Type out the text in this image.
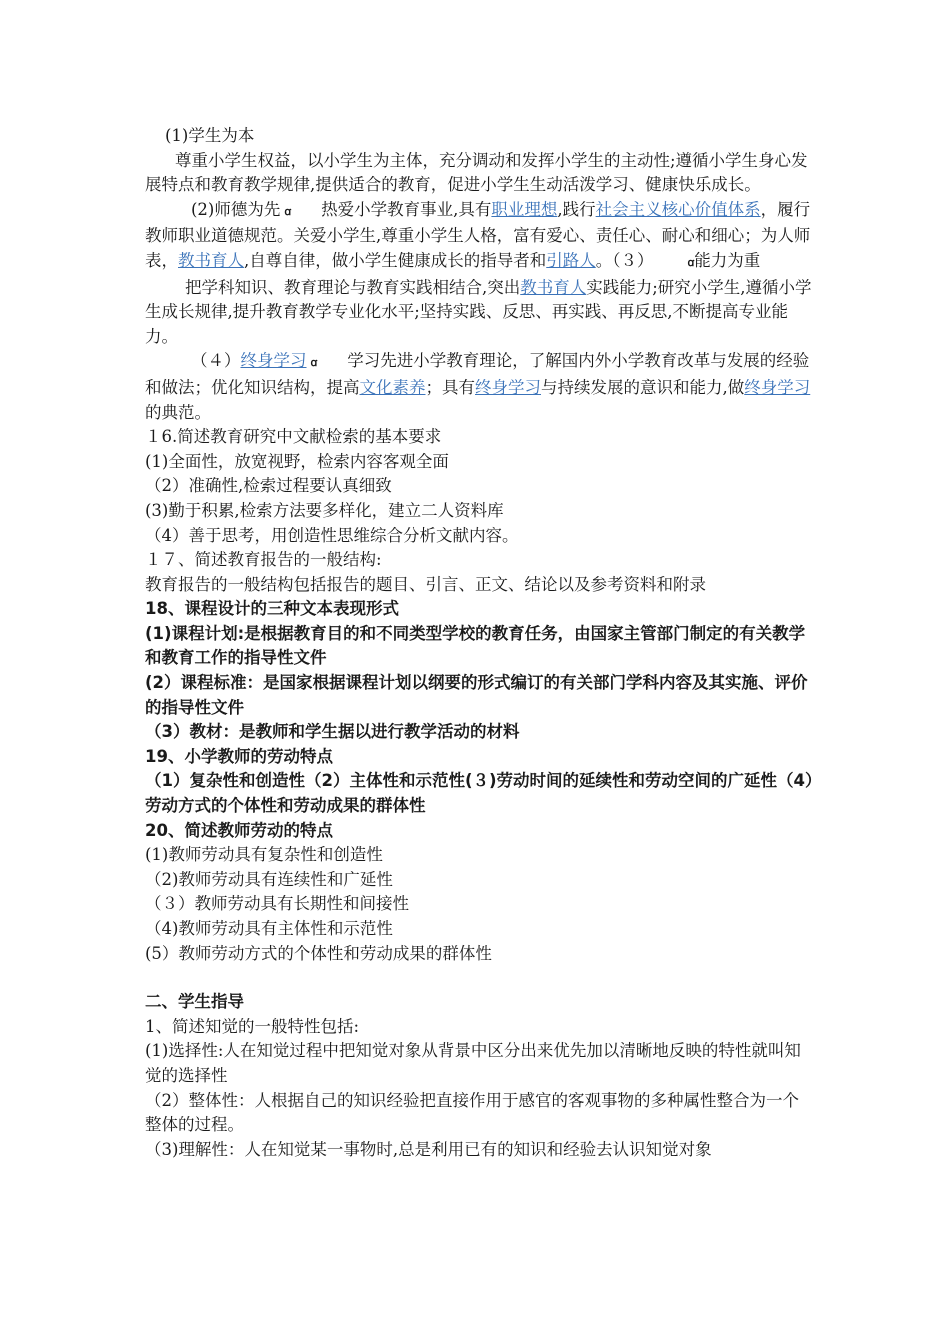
(1)学生为本

尊重小学生权益，以小学生为主体，充分调动和发挥小学生的主动性;遵循小学生身心发展特点和教育教学规律,提供适合的教育，促进小学生生动活泼学习、健康快乐成长。

(2)师德为先 ꭤ 热爱小学教育事业,具有职业理想,践行社会主义核心价值体系，履行教师职业道德规范。关爱小学生,尊重小学生人格，富有爱心、责任心、耐心和细心；为人师表，教书育人,自尊自律，做小学生健康成长的指导者和引路人。（３）	ꭤ能力为重

把学科知识、教育理论与教育实践相结合,突出教书育人实践能力;研究小学生,遵循小学生成长规律,提升教育教学专业化水平;坚持实践、反思、再实践、再反思,不断提高专业能力。

（４）终身学习 ꭤ 学习先进小学教育理论，了解国内外小学教育改革与发展的经验和做法；优化知识结构，提高文化素养；具有终身学习与持续发展的意识和能力,做终身学习的典范。

１6.简述教育研究中文献检索的基本要求

(1)全面性，放宽视野，检索内容客观全面

（2）准确性,检索过程要认真细致

(3)勤于积累,检索方法要多样化，建立二人资料库

（4）善于思考，用创造性思维综合分析文献内容。

１７、简述教育报告的一般结构:

教育报告的一般结构包括报告的题目、引言、正文、结论以及参考资料和附录

18、课程设计的三种文本表现形式

(1)课程计划:是根据教育目的和不同类型学校的教育任务，由国家主管部门制定的有关教学和教育工作的指导性文件

(2）课程标准：是国家根据课程计划以纲要的形式编订的有关部门学科内容及其实施、评价的指导性文件

（3）教材：是教师和学生据以进行教学活动的材料

19、小学教师的劳动特点

（1）复杂性和创造性（2）主体性和示范性(３)劳动时间的延续性和劳动空间的广延性（4）劳动方式的个体性和劳动成果的群体性

20、简述教师劳动的特点

(1)教师劳动具有复杂性和创造性

（2)教师劳动具有连续性和广延性

（３）教师劳动具有长期性和间接性

（4)教师劳动具有主体性和示范性

(5）教师劳动方式的个体性和劳动成果的群体性

二、学生指导

1、简述知觉的一般特性包括:

(1)选择性:人在知觉过程中把知觉对象从背景中区分出来优先加以清晰地反映的特性就叫知觉的选择性

（2）整体性：人根据自己的知识经验把直接作用于感官的客观事物的多种属性整合为一个整体的过程。

（3)理解性：人在知觉某一事物时,总是利用已有的知识和经验去认识知觉对象
